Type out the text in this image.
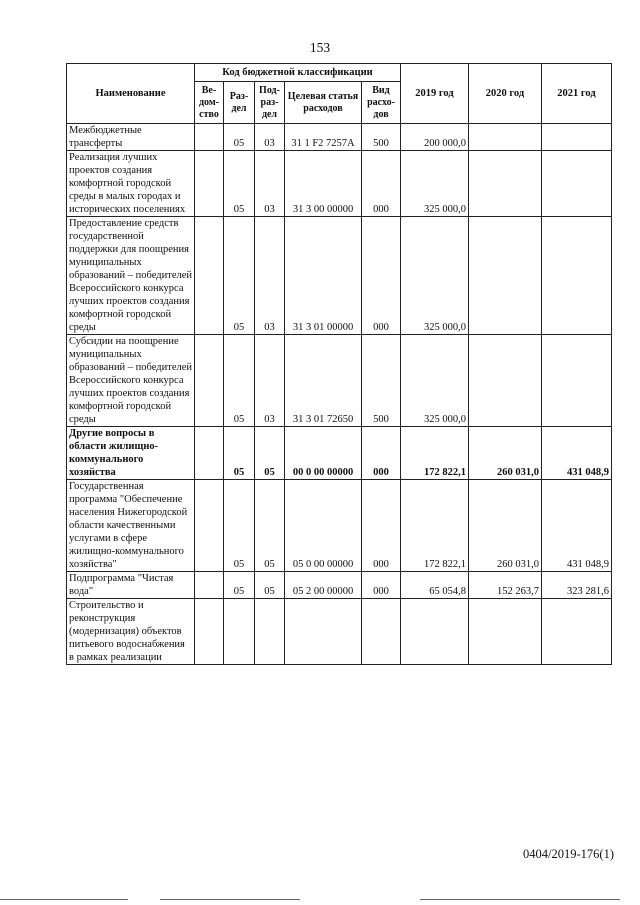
153
Наименование	Код бюджетной классификации					2019 год	2020 год	2021 год
	Ве-дом-ство	Раз-дел	Под-раз-дел	Целевая статья расходов	Вид расхо-дов			
Межбюджетные трансферты		05	03	31 1 F2 7257A	500	200 000,0		
Реализация лучших проектов создания комфортной городской среды в малых городах и исторических поселениях		05	03	31 3 00 00000	000	325 000,0		
Предоставление средств государственной поддержки для поощрения муниципальных образований – победителей Всероссийского конкурса лучших проектов создания комфортной городской среды		05	03	31 3 01 00000	000	325 000,0		
Субсидии на поощрение муниципальных образований – победителей Всероссийского конкурса лучших проектов создания комфортной городской среды		05	03	31 3 01 72650	500	325 000,0		
Другие вопросы в области жилищно-коммунального хозяйства		05	05	00 0 00 00000	000	172 822,1	260 031,0	431 048,9
Государственная программа "Обеспечение населения Нижегородской области качественными услугами в сфере жилищно-коммунального хозяйства"		05	05	05 0 00 00000	000	172 822,1	260 031,0	431 048,9
Подпрограмма "Чистая вода"		05	05	05 2 00 00000	000	65 054,8	152 263,7	323 281,6
Строительство и реконструкция (модернизация) объектов питьевого водоснабжения в рамках реализации								
0404/2019-176(1)
